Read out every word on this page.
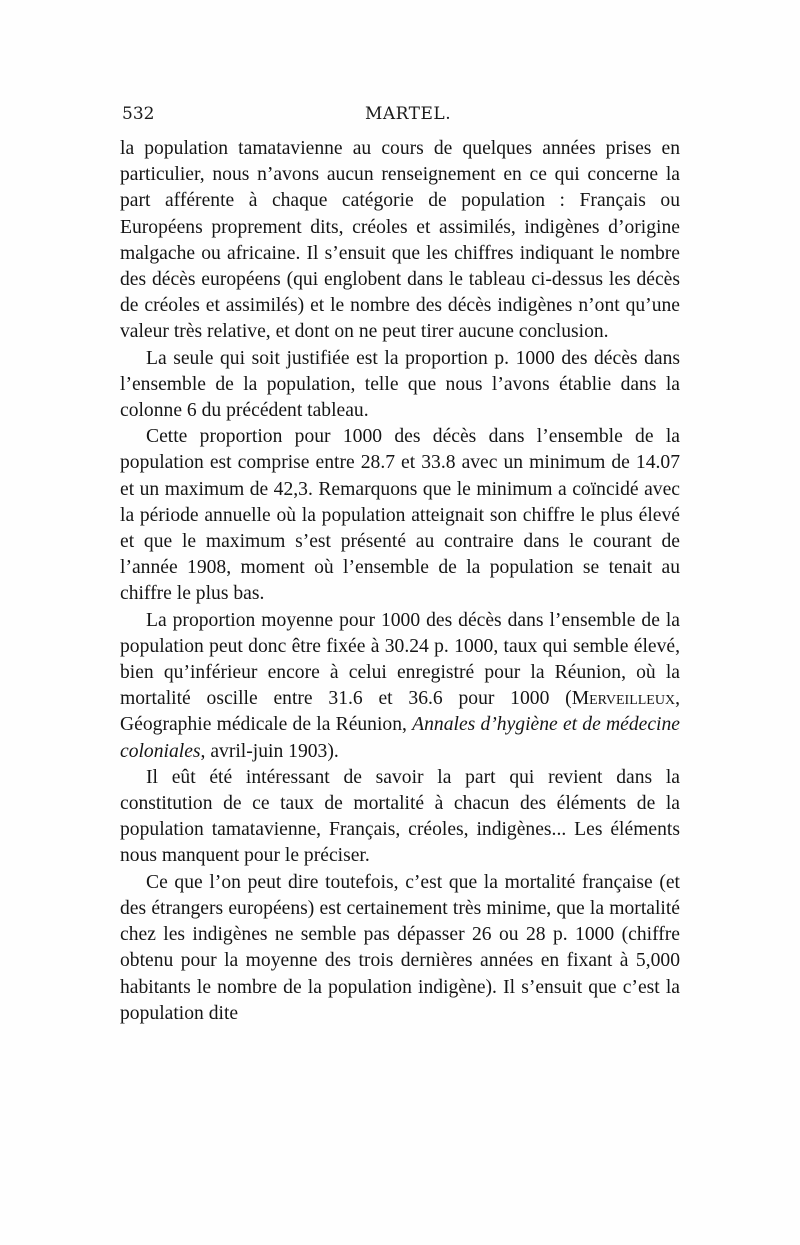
532	MARTEL.

la population tamatavienne au cours de quelques années prises en particulier, nous n’avons aucun renseignement en ce qui concerne la part afférente à chaque catégorie de population : Français ou Européens proprement dits, créoles et assimilés, indigènes d’origine malgache ou africaine. Il s’ensuit que les chiffres indiquant le nombre des décès européens (qui englobent dans le tableau ci-dessus les décès de créoles et assimilés) et le nombre des décès indigènes n’ont qu’une valeur très relative, et dont on ne peut tirer aucune conclusion.

La seule qui soit justifiée est la proportion p. 1000 des décès dans l’ensemble de la population, telle que nous l’avons établie dans la colonne 6 du précédent tableau.

Cette proportion pour 1000 des décès dans l’ensemble de la population est comprise entre 28.7 et 33.8 avec un minimum de 14.07 et un maximum de 42,3. Remarquons que le minimum a coïncidé avec la période annuelle où la population atteignait son chiffre le plus élevé et que le maximum s’est présenté au contraire dans le courant de l’année 1908, moment où l’ensemble de la population se tenait au chiffre le plus bas.

La proportion moyenne pour 1000 des décès dans l’ensemble de la population peut donc être fixée à 30.24 p. 1000, taux qui semble élevé, bien qu’inférieur encore à celui enregistré pour la Réunion, où la mortalité oscille entre 31.6 et 36.6 pour 1000 (Merveilleux, Géographie médicale de la Réunion, Annales d’hygiène et de médecine coloniales, avril-juin 1903).

Il eût été intéressant de savoir la part qui revient dans la constitution de ce taux de mortalité à chacun des éléments de la population tamatavienne, Français, créoles, indigènes... Les éléments nous manquent pour le préciser.

Ce que l’on peut dire toutefois, c’est que la mortalité française (et des étrangers européens) est certainement très minime, que la mortalité chez les indigènes ne semble pas dépasser 26 ou 28 p. 1000 (chiffre obtenu pour la moyenne des trois dernières années en fixant à 5,000 habitants le nombre de la population indigène). Il s’ensuit que c’est la population dite
